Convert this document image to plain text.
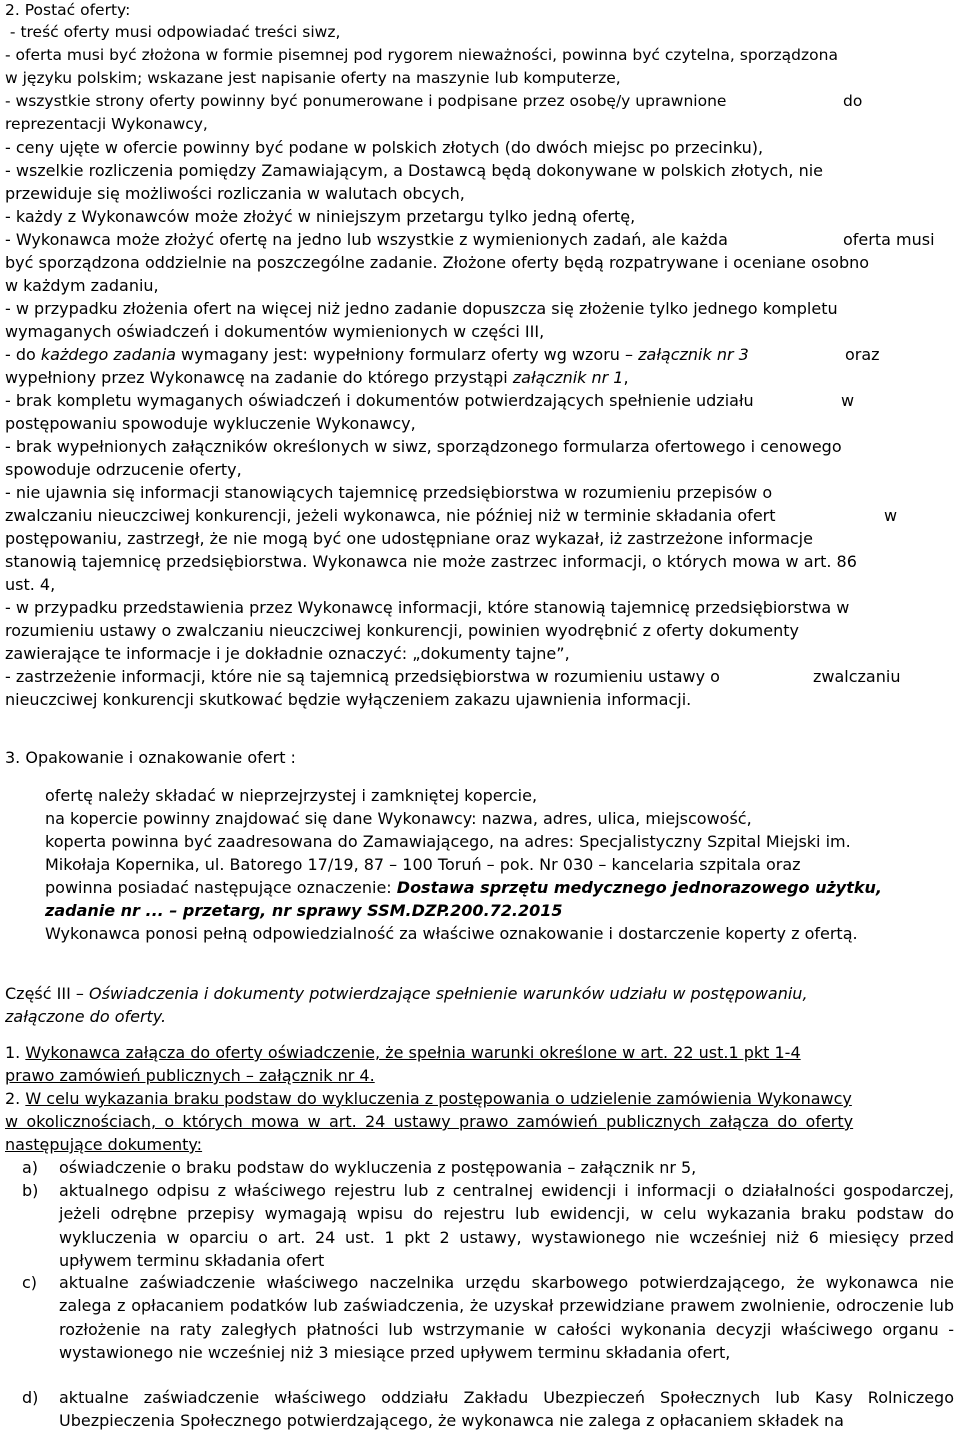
2. Postać oferty:
- treść oferty musi odpowiadać treści siwz,
- oferta musi być złożona w formie pisemnej pod rygorem nieważności, powinna być czytelna, sporządzona
w języku polskim; wskazane jest napisanie oferty na maszynie lub komputerze,
- wszystkie strony oferty powinny być ponumerowane i podpisane przez osobę/y uprawnione	do
reprezentacji Wykonawcy,
- ceny ujęte w ofercie powinny być podane w polskich złotych (do dwóch miejsc po przecinku),
- wszelkie rozliczenia pomiędzy Zamawiającym, a Dostawcą będą dokonywane w polskich złotych, nie
przewiduje się możliwości rozliczania w walutach obcych,
- każdy z Wykonawców może złożyć w niniejszym przetargu tylko jedną ofertę,
- Wykonawca może złożyć ofertę na jedno lub wszystkie z wymienionych zadań, ale każda	oferta musi
być sporządzona oddzielnie na poszczególne zadanie. Złożone oferty będą rozpatrywane i oceniane osobno
w każdym zadaniu,
- w przypadku złożenia ofert na więcej niż jedno zadanie dopuszcza się złożenie tylko jednego kompletu
wymaganych oświadczeń i dokumentów wymienionych w części III,
- do każdego zadania wymagany jest: wypełniony formularz oferty wg wzoru – załącznik nr 3	oraz
wypełniony przez Wykonawcę na zadanie do którego przystąpi załącznik nr 1,
- brak kompletu wymaganych oświadczeń i dokumentów potwierdzających spełnienie udziału	w
postępowaniu spowoduje wykluczenie Wykonawcy,
- brak wypełnionych załączników określonych w siwz, sporządzonego formularza ofertowego i cenowego
spowoduje odrzucenie oferty,
- nie ujawnia się informacji stanowiących tajemnicę przedsiębiorstwa w rozumieniu przepisów o
zwalczaniu nieuczciwej konkurencji, jeżeli wykonawca, nie później niż w terminie składania ofert	w
postępowaniu, zastrzegł, że nie mogą być one udostępniane oraz wykazał, iż zastrzeżone informacje
stanowią tajemnicę przedsiębiorstwa. Wykonawca nie może zastrzec informacji, o których mowa w art. 86
ust. 4,
- w przypadku przedstawienia przez Wykonawcę informacji, które stanowią tajemnicę przedsiębiorstwa w
rozumieniu ustawy o zwalczaniu nieuczciwej konkurencji, powinien wyodrębnić z oferty dokumenty
zawierające te informacje i je dokładnie oznaczyć: „dokumenty tajne”,
- zastrzeżenie informacji, które nie są tajemnicą przedsiębiorstwa w rozumieniu ustawy o	zwalczaniu
nieuczciwej konkurencji skutkować będzie wyłączeniem zakazu ujawnienia informacji.
3. Opakowanie i oznakowanie ofert :
ofertę należy składać w nieprzejrzystej i zamkniętej kopercie,
na kopercie powinny znajdować się dane Wykonawcy: nazwa, adres, ulica, miejscowość,
koperta powinna być zaadresowana do Zamawiającego, na adres: Specjalistyczny Szpital Miejski im.
Mikołaja Kopernika, ul. Batorego 17/19, 87 – 100 Toruń – pok. Nr 030 – kancelaria szpitala oraz
powinna posiadać następujące oznaczenie: Dostawa sprzętu medycznego jednorazowego użytku,
zadanie nr ... – przetarg, nr sprawy SSM.DZP.200.72.2015
Wykonawca ponosi pełną odpowiedzialność za właściwe oznakowanie i dostarczenie koperty z ofertą.
Część III – Oświadczenia i dokumenty potwierdzające spełnienie warunków udziału w postępowaniu,
załączone do oferty.
1. Wykonawca załącza do oferty oświadczenie, że spełnia warunki określone w art. 22 ust.1 pkt 1-4
prawo zamówień publicznych – załącznik nr 4.
2. W celu wykazania braku podstaw do wykluczenia z postępowania o udzielenie zamówienia Wykonawcy
w okolicznościach, o których mowa w art. 24 ustawy prawo zamówień publicznych załącza do oferty
następujące dokumenty:
a) oświadczenie o braku podstaw do wykluczenia z postępowania – załącznik nr 5,
b) aktualnego odpisu z właściwego rejestru lub z centralnej ewidencji i informacji o działalności gospodarczej, jeżeli odrębne przepisy wymagają wpisu do rejestru lub ewidencji, w celu wykazania braku podstaw do wykluczenia w oparciu o art. 24 ust. 1 pkt 2 ustawy, wystawionego nie wcześniej niż 6 miesięcy przed upływem terminu składania ofert
c) aktualne zaświadczenie właściwego naczelnika urzędu skarbowego potwierdzającego, że wykonawca nie zalega z opłacaniem podatków lub zaświadczenia, że uzyskał przewidziane prawem zwolnienie, odroczenie lub rozłożenie na raty zaległych płatności lub wstrzymanie w całości wykonania decyzji właściwego organu - wystawionego nie wcześniej niż 3 miesiące przed upływem terminu składania ofert,
d) aktualne zaświadczenie właściwego oddziału Zakładu Ubezpieczeń Społecznych lub Kasy Rolniczego Ubezpieczenia Społecznego potwierdzającego, że wykonawca nie zalega z opłacaniem składek na
